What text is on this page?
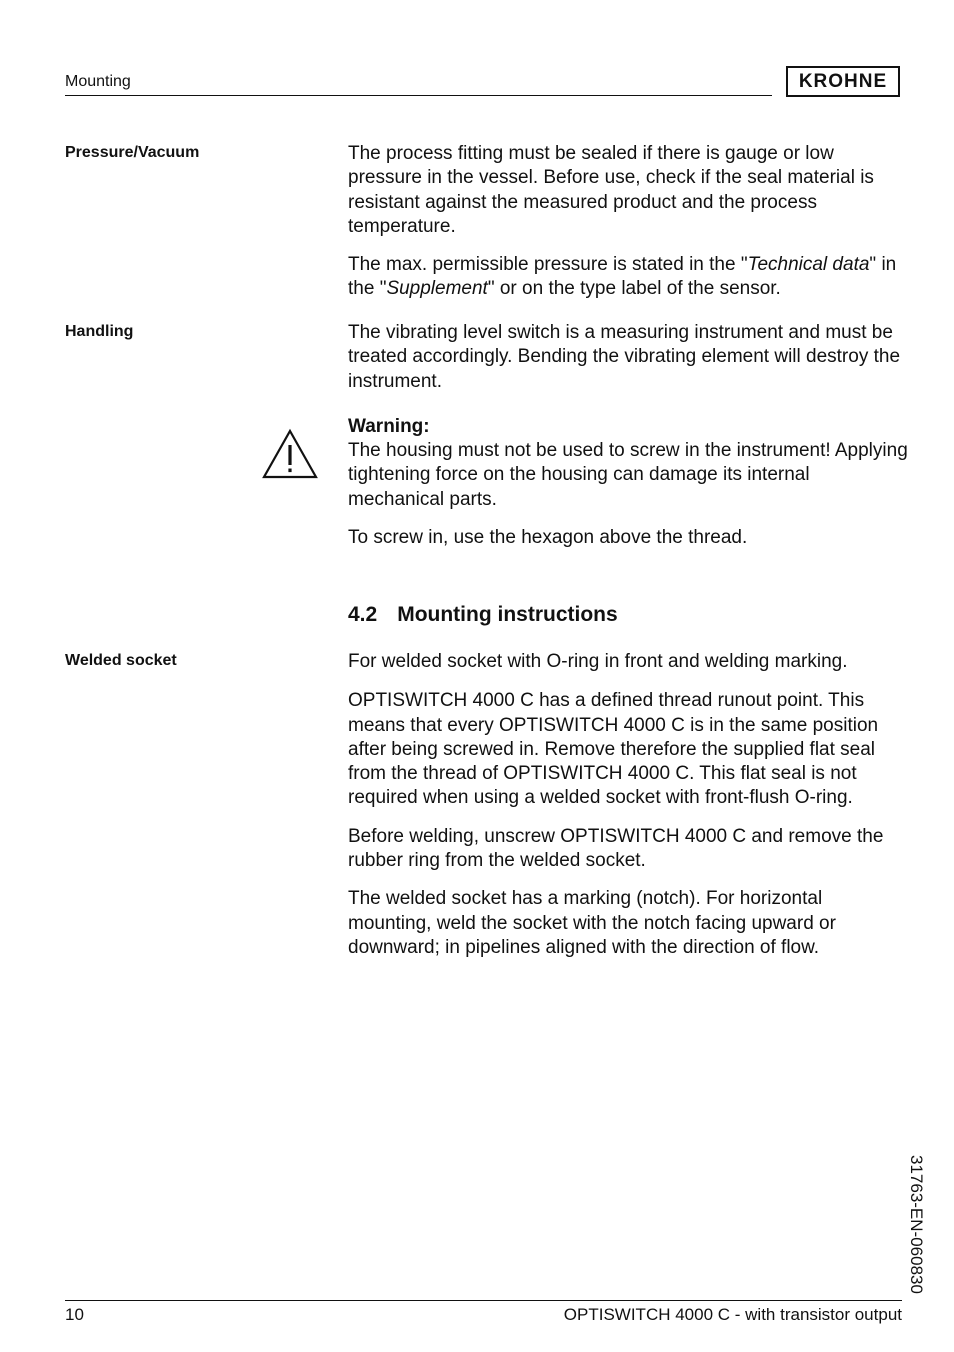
Mounting	KROHNE
Pressure/Vacuum	The process fitting must be sealed if there is gauge or low pressure in the vessel. Before use, check if the seal material is resistant against the measured product and the process temperature.

The max. permissible pressure is stated in the "Technical data" in the "Supplement" or on the type label of the sensor.

Handling	The vibrating level switch is a measuring instrument and must be treated accordingly. Bending the vibrating element will destroy the instrument.

Warning:

The housing must not be used to screw in the instrument! Applying tightening force on the housing can damage its internal mechanical parts.

To screw in, use the hexagon above the thread.

4.2 Mounting instructions
Welded socket	For welded socket with O-ring in front and welding marking.

OPTISWITCH 4000 C has a defined thread runout point. This means that every OPTISWITCH 4000 C is in the same position after being screwed in. Remove therefore the supplied flat seal from the thread of OPTISWITCH 4000 C. This flat seal is not required when using a welded socket with front-flush O-ring.

Before welding, unscrew OPTISWITCH 4000 C and remove the rubber ring from the welded socket.

The welded socket has a marking (notch). For horizontal mounting, weld the socket with the notch facing upward or downward; in pipelines aligned with the direction of flow.

31763-EN-060830
10	OPTISWITCH 4000 C - with transistor output
